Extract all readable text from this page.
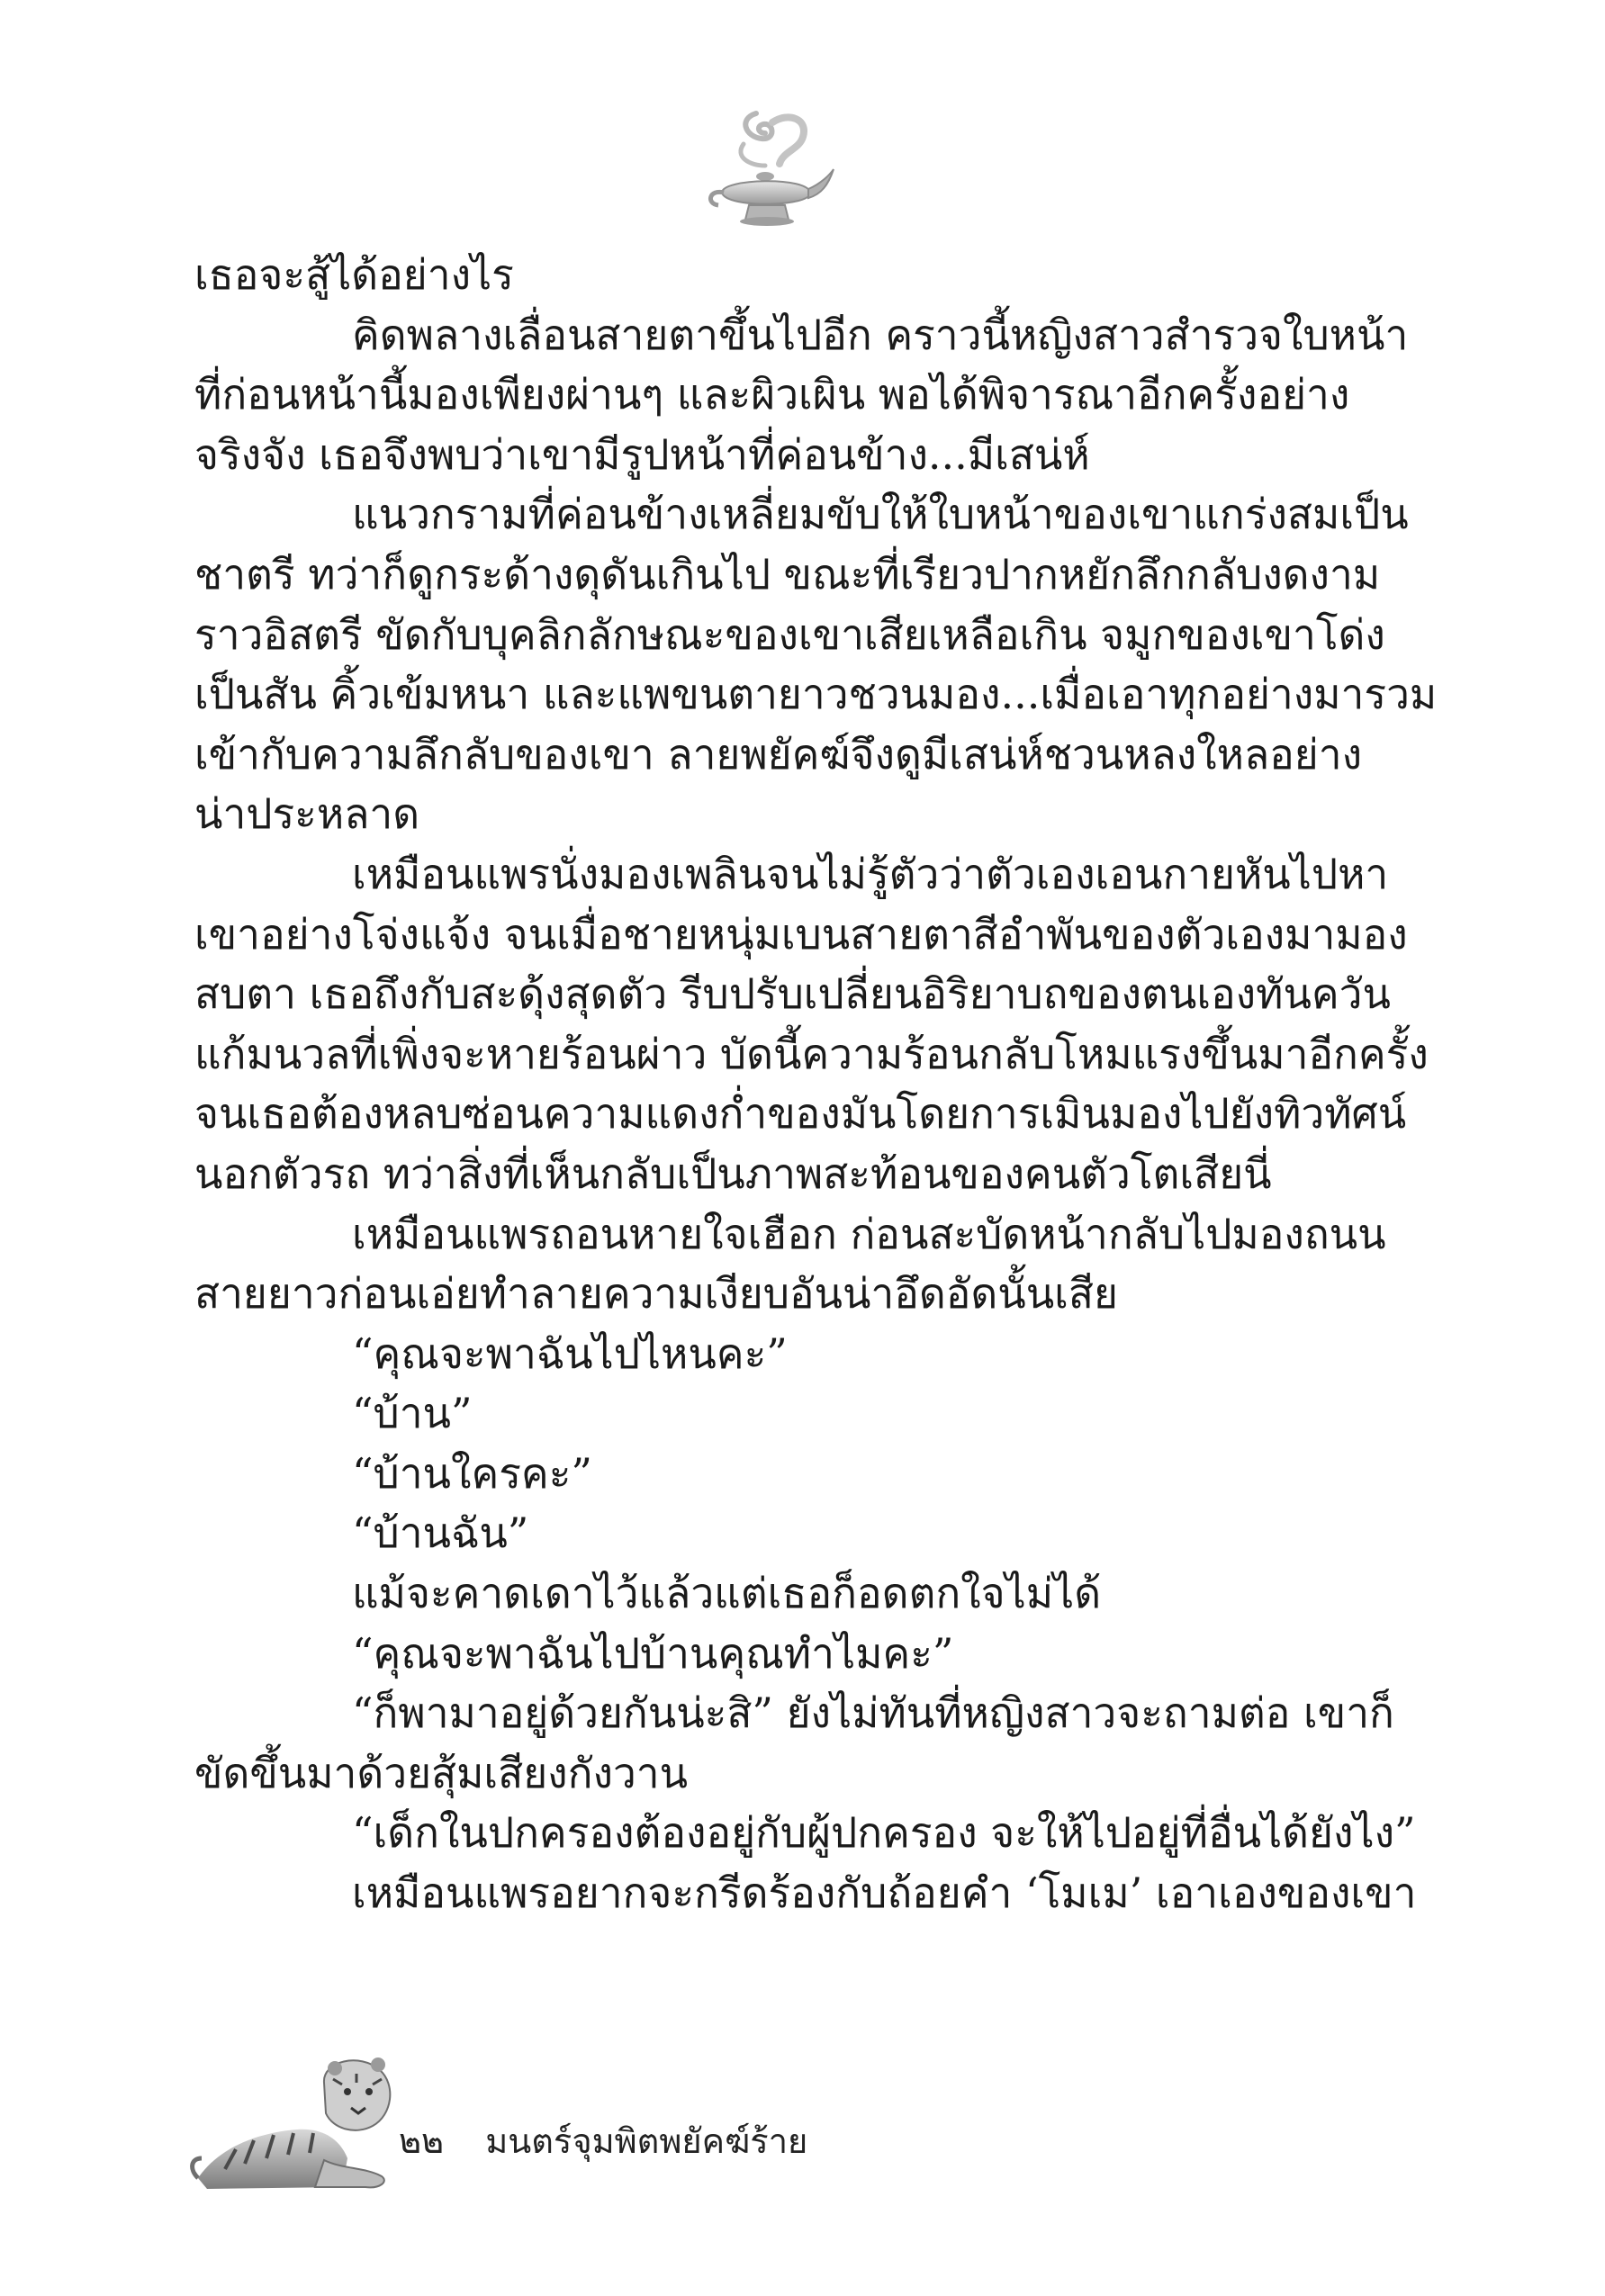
เธอจะสู้ได้อย่างไร
คิดพลางเลื่อนสายตาขึ้นไปอีก คราวนี้หญิงสาวสำรวจใบหน้า
ที่ก่อนหน้านี้มองเพียงผ่านๆ และผิวเผิน พอได้พิจารณาอีกครั้งอย่าง
จริงจัง เธอจึงพบว่าเขามีรูปหน้าที่ค่อนข้าง...มีเสน่ห์
แนวกรามที่ค่อนข้างเหลี่ยมขับให้ใบหน้าของเขาแกร่งสมเป็น
ชาตรี ทว่าก็ดูกระด้างดุดันเกินไป ขณะที่เรียวปากหยักลึกกลับงดงาม
ราวอิสตรี ขัดกับบุคลิกลักษณะของเขาเสียเหลือเกิน จมูกของเขาโด่ง
เป็นสัน คิ้วเข้มหนา และแพขนตายาวชวนมอง...เมื่อเอาทุกอย่างมารวม
เข้ากับความลึกลับของเขา ลายพยัคฆ์จึงดูมีเสน่ห์ชวนหลงใหลอย่าง
น่าประหลาด
เหมือนแพรนั่งมองเพลินจนไม่รู้ตัวว่าตัวเองเอนกายหันไปหา
เขาอย่างโจ่งแจ้ง จนเมื่อชายหนุ่มเบนสายตาสีอำพันของตัวเองมามอง
สบตา เธอถึงกับสะดุ้งสุดตัว รีบปรับเปลี่ยนอิริยาบถของตนเองทันควัน
แก้มนวลที่เพิ่งจะหายร้อนผ่าว บัดนี้ความร้อนกลับโหมแรงขึ้นมาอีกครั้ง
จนเธอต้องหลบซ่อนความแดงก่ำของมันโดยการเมินมองไปยังทิวทัศน์
นอกตัวรถ ทว่าสิ่งที่เห็นกลับเป็นภาพสะท้อนของคนตัวโตเสียนี่
เหมือนแพรถอนหายใจเฮือก ก่อนสะบัดหน้ากลับไปมองถนน
สายยาวก่อนเอ่ยทำลายความเงียบอันน่าอึดอัดนั้นเสีย
“คุณจะพาฉันไปไหนคะ”
“บ้าน”
“บ้านใครคะ”
“บ้านฉัน”
แม้จะคาดเดาไว้แล้วแต่เธอก็อดตกใจไม่ได้
“คุณจะพาฉันไปบ้านคุณทำไมคะ”
“ก็พามาอยู่ด้วยกันน่ะสิ” ยังไม่ทันที่หญิงสาวจะถามต่อ เขาก็
ขัดขึ้นมาด้วยสุ้มเสียงกังวาน
“เด็กในปกครองต้องอยู่กับผู้ปกครอง จะให้ไปอยู่ที่อื่นได้ยังไง”
เหมือนแพรอยากจะกรีดร้องกับถ้อยคำ ‘โมเม’ เอาเองของเขา
๒๒ มนตร์จุมพิตพยัคฆ์ร้าย
